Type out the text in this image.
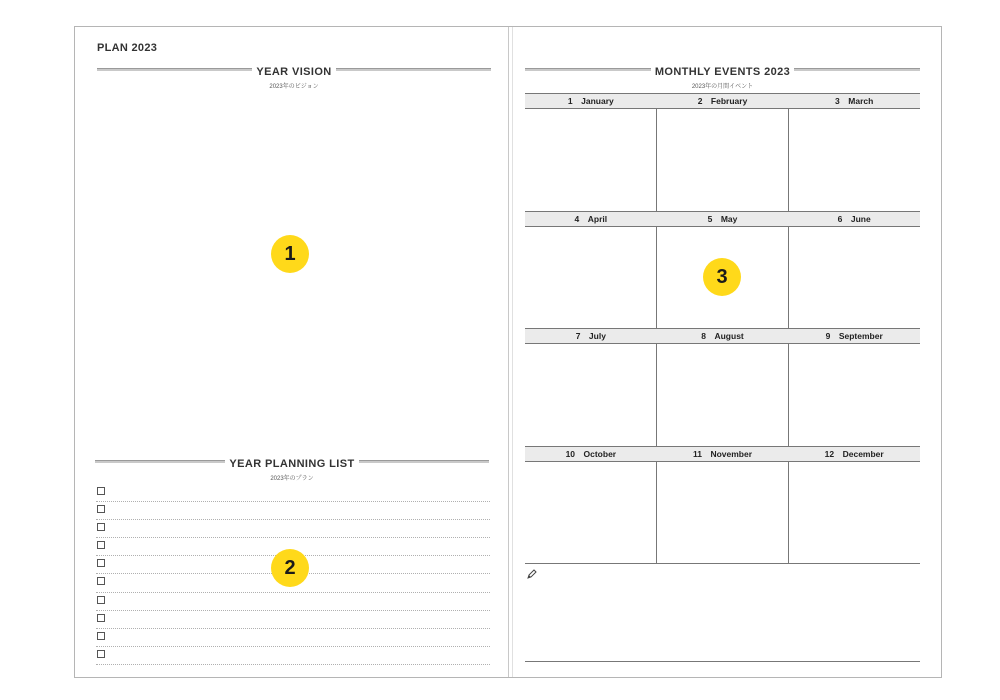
PLAN 2023
YEAR VISION
2023年のビジョン
1
YEAR PLANNING LIST
2023年のプラン
2
MONTHLY EVENTS 2023
2023年の月間イベント
1 January	2 February	3 March
4 April	5 May	6 June
7 July	8 August	9 September
10 October	11 November	12 December
3
